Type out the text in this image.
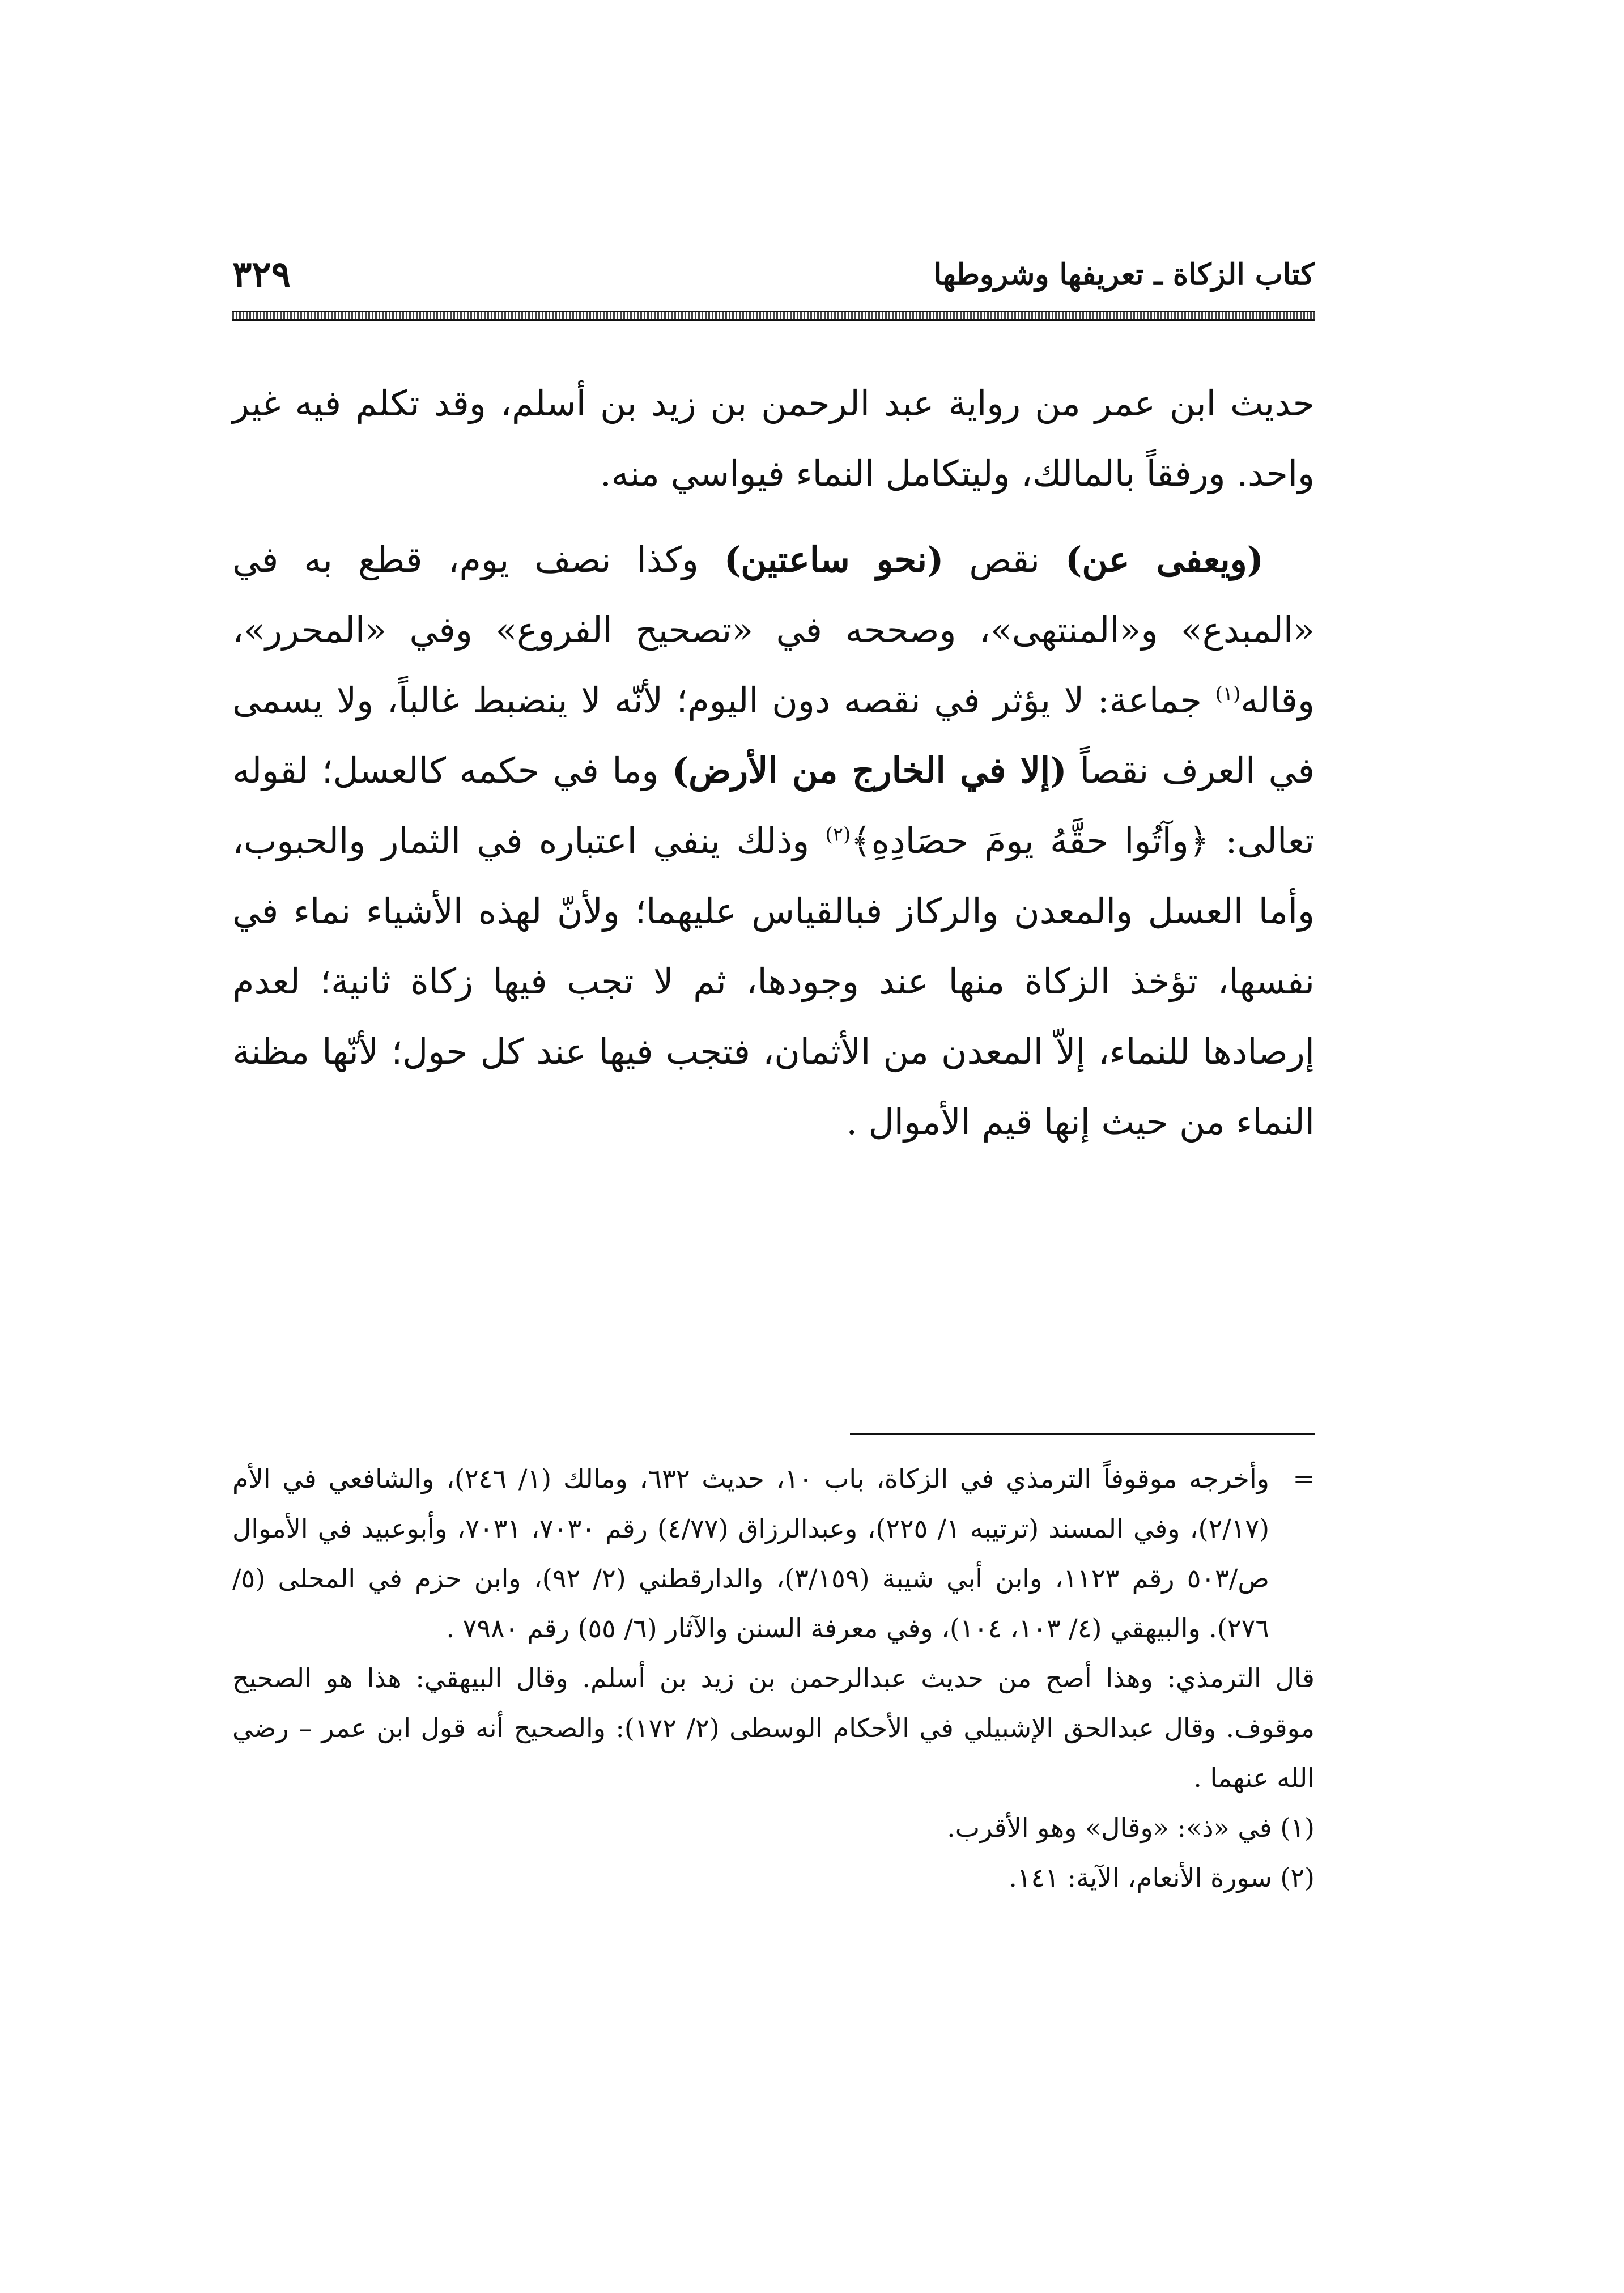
٣٢٩	كتاب الزكاة ـ تعريفها وشروطها

حديث ابن عمر من رواية عبد الرحمن بن زيد بن أسلم، وقد تكلم فيه غير واحد. ورفقاً بالمالك، وليتكامل النماء فيواسي منه.

(ويعفى عن) نقص (نحو ساعتين) وكذا نصف يوم، قطع به في «المبدع» و«المنتهى»، وصححه في «تصحيح الفروع» وفي «المحرر»، وقاله$^{(١)}$ جماعة: لا يؤثر في نقصه دون اليوم؛ لأنّه لا ينضبط غالباً، ولا يسمى في العرف نقصاً (إلا في الخارج من الأرض) وما في حكمه كالعسل؛ لقوله تعالى: ﴿وآتُوا حقَّهُ يومَ حصَادِهِ﴾$^{(٢)}$ وذلك ينفي اعتباره في الثمار والحبوب، وأما العسل والمعدن والركاز فبالقياس عليهما؛ ولأنّ لهذه الأشياء نماء في نفسها، تؤخذ الزكاة منها عند وجودها، ثم لا تجب فيها زكاة ثانية؛ لعدم إرصادها للنماء، إلاّ المعدن من الأثمان، فتجب فيها عند كل حول؛ لأنّها مظنة النماء من حيث إنها قيم الأموال .

=
وأخرجه موقوفاً الترمذي في الزكاة، باب ١٠، حديث ٦٣٢، ومالك (١/ ٢٤٦)، والشافعي في الأم (٢/١٧)، وفي المسند (ترتيبه ١/ ٢٢٥)، وعبدالرزاق (٤/٧٧) رقم ٧٠٣٠، ٧٠٣١، وأبوعبيد في الأموال ص/٥٠٣ رقم ١١٢٣، وابن أبي شيبة (٣/١٥٩)، والدارقطني (٢/ ٩٢)، وابن حزم في المحلى (٥/ ٢٧٦). والبيهقي (٤/ ١٠٣، ١٠٤)، وفي معرفة السنن والآثار (٦/ ٥٥) رقم ٧٩٨٠ .

قال الترمذي: وهذا أصح من حديث عبدالرحمن بن زيد بن أسلم. وقال البيهقي: هذا هو الصحيح موقوف. وقال عبدالحق الإشبيلي في الأحكام الوسطى (٢/ ١٧٢): والصحيح أنه قول ابن عمر – رضي الله عنهما .

(١) في «ذ»: «وقال» وهو الأقرب.

(٢) سورة الأنعام، الآية: ١٤١.
